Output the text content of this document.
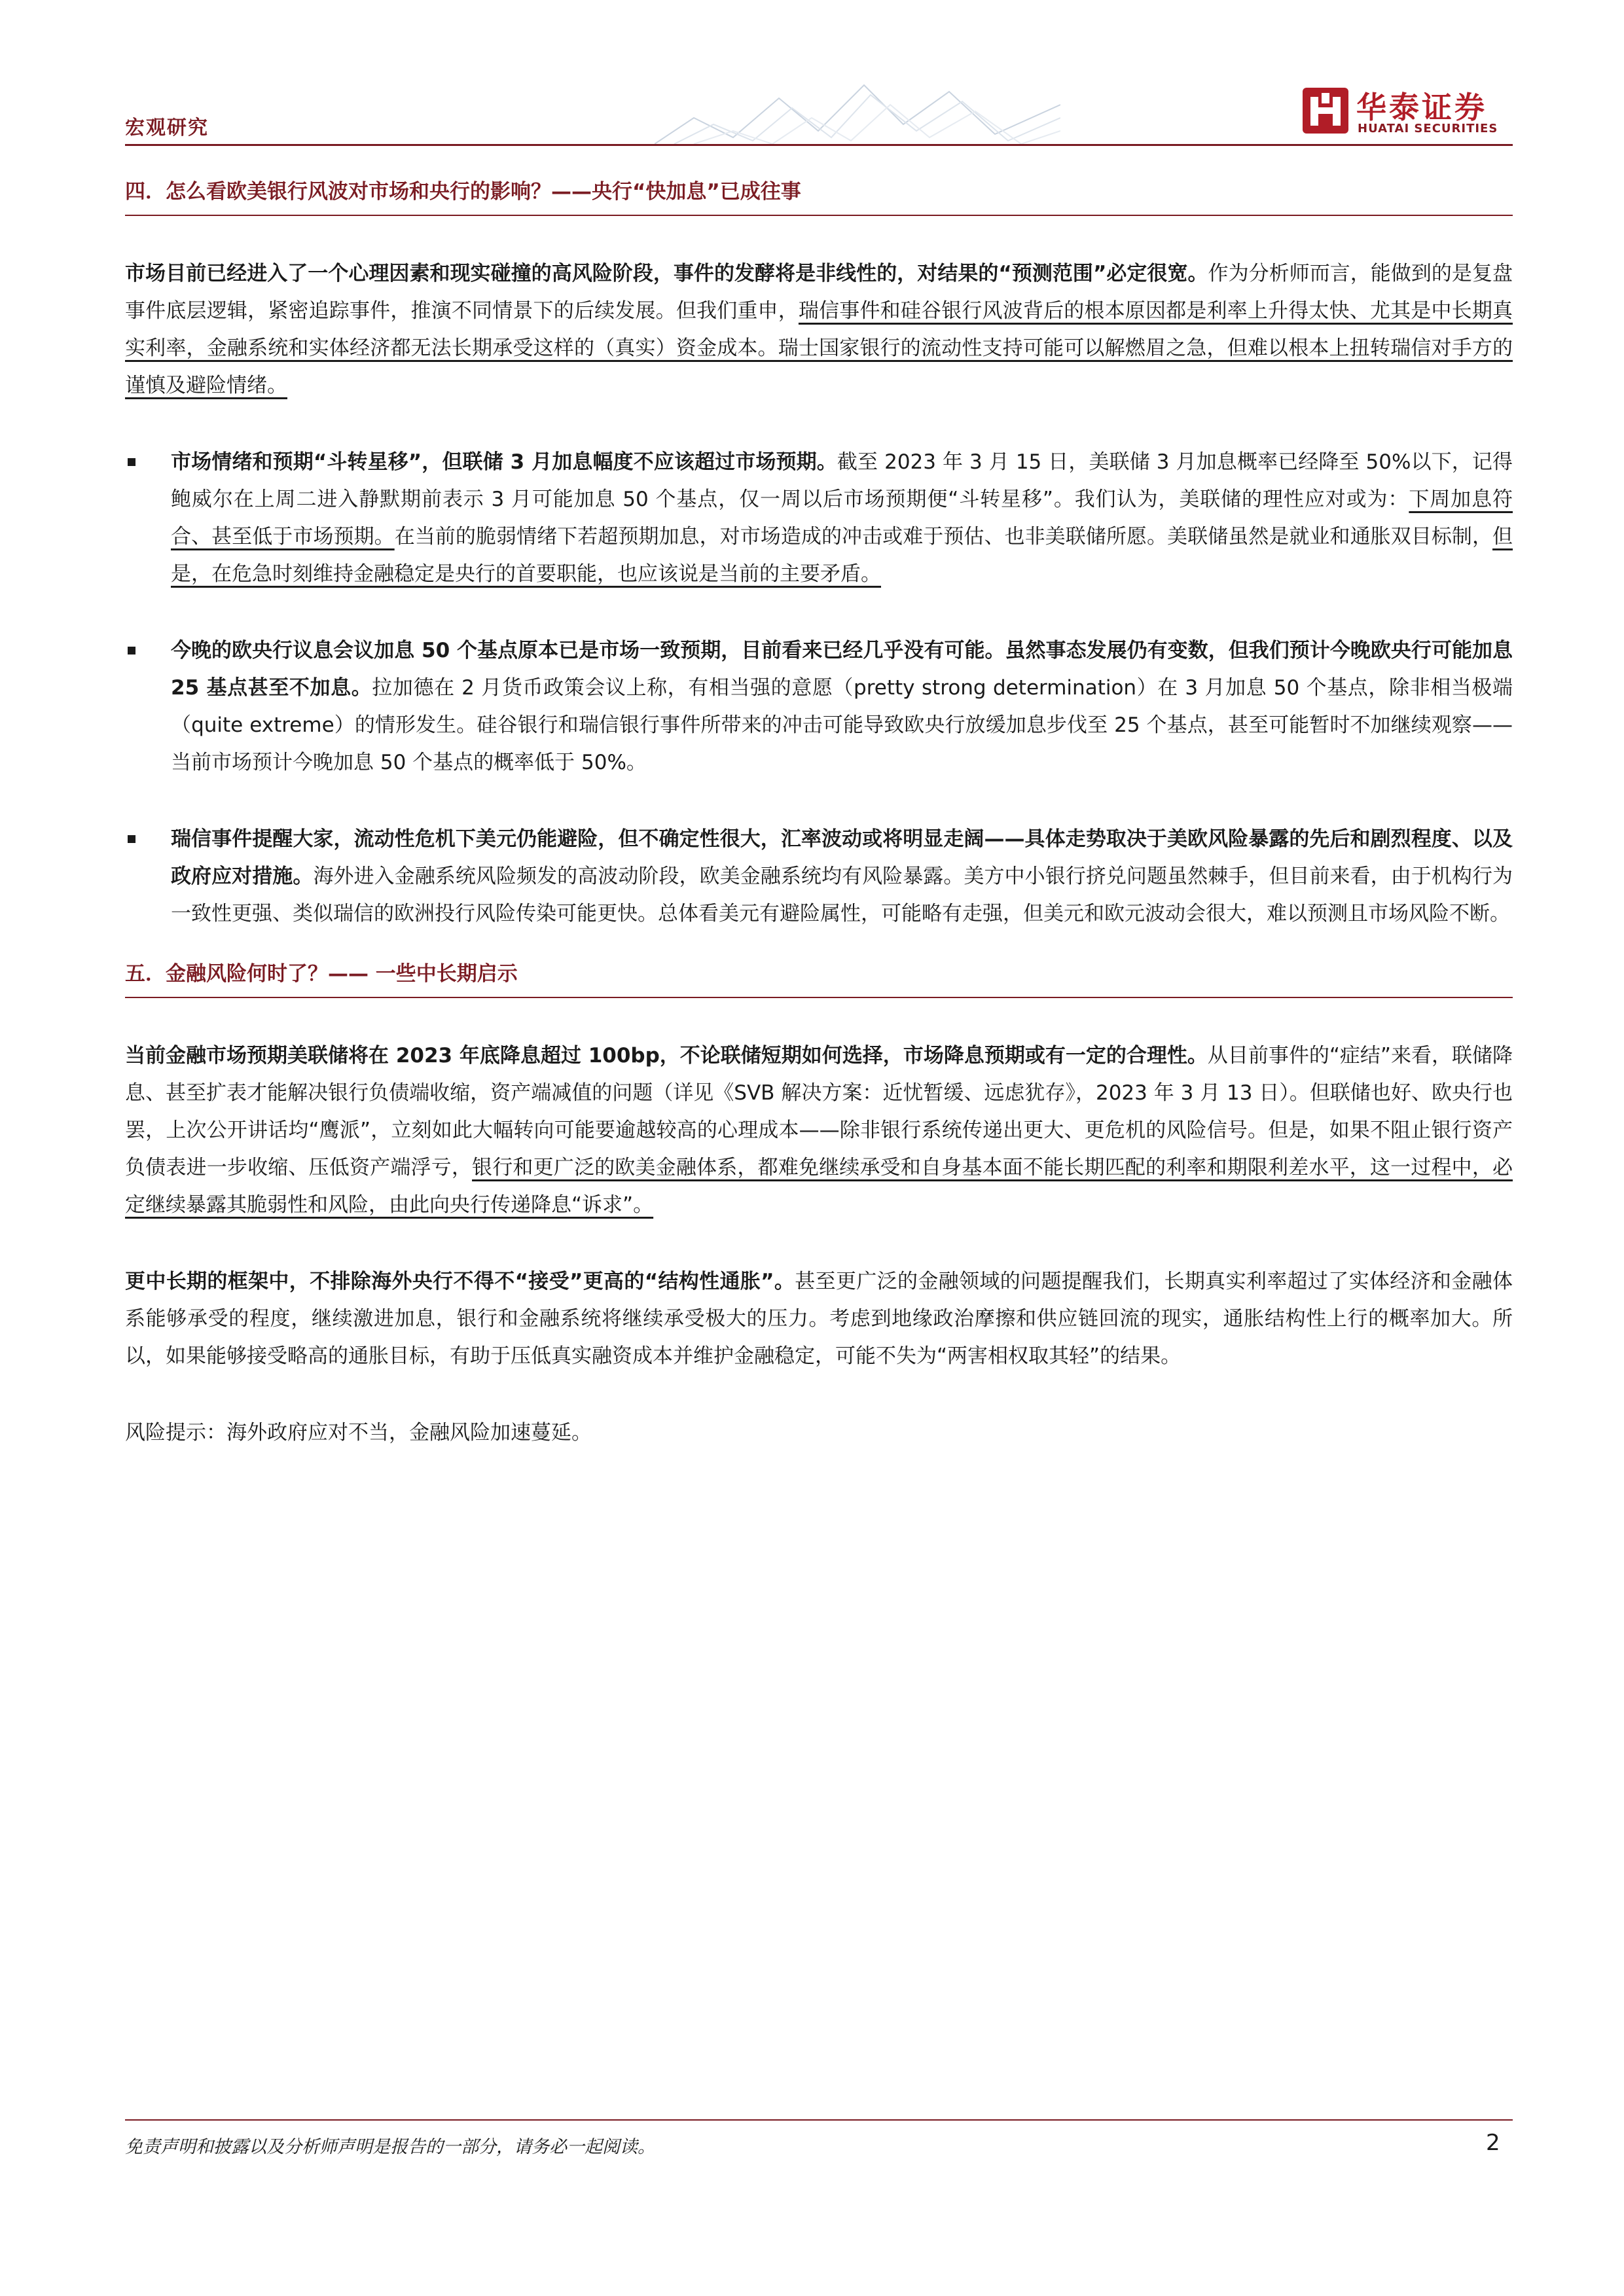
宏观研究
华泰证券
HUATAI SECURITIES
四．怎么看欧美银行风波对市场和央行的影响？——央行“快加息”已成往事

市场目前已经进入了一个心理因素和现实碰撞的高风险阶段，事件的发酵将是非线性的，对结果的“预测范围”必定很宽。作为分析师而言，能做到的是复盘事件底层逻辑，紧密追踪事件，推演不同情景下的后续发展。但我们重申，瑞信事件和硅谷银行风波背后的根本原因都是利率上升得太快、尤其是中长期真实利率，金融系统和实体经济都无法长期承受这样的（真实）资金成本。瑞士国家银行的流动性支持可能可以解燃眉之急，但难以根本上扭转瑞信对手方的谨慎及避险情绪。

市场情绪和预期“斗转星移”，但联储 3 月加息幅度不应该超过市场预期。截至 2023 年 3 月 15 日，美联储 3 月加息概率已经降至 50%以下，记得鲍威尔在上周二进入静默期前表示 3 月可能加息 50 个基点，仅一周以后市场预期便“斗转星移”。我们认为，美联储的理性应对或为：下周加息符合、甚至低于市场预期。在当前的脆弱情绪下若超预期加息，对市场造成的冲击或难于预估、也非美联储所愿。美联储虽然是就业和通胀双目标制，但是，在危急时刻维持金融稳定是央行的首要职能，也应该说是当前的主要矛盾。

今晚的欧央行议息会议加息 50 个基点原本已是市场一致预期，目前看来已经几乎没有可能。虽然事态发展仍有变数，但我们预计今晚欧央行可能加息 25 基点甚至不加息。拉加德在 2 月货币政策会议上称，有相当强的意愿（pretty strong determination）在 3 月加息 50 个基点，除非相当极端（quite extreme）的情形发生。硅谷银行和瑞信银行事件所带来的冲击可能导致欧央行放缓加息步伐至 25 个基点，甚至可能暂时不加继续观察——当前市场预计今晚加息 50 个基点的概率低于 50%。

瑞信事件提醒大家，流动性危机下美元仍能避险，但不确定性很大，汇率波动或将明显走阔——具体走势取决于美欧风险暴露的先后和剧烈程度、以及政府应对措施。海外进入金融系统风险频发的高波动阶段，欧美金融系统均有风险暴露。美方中小银行挤兑问题虽然棘手，但目前来看，由于机构行为一致性更强、类似瑞信的欧洲投行风险传染可能更快。总体看美元有避险属性，可能略有走强，但美元和欧元波动会很大，难以预测且市场风险不断。

五．金融风险何时了？—— 一些中长期启示

当前金融市场预期美联储将在 2023 年底降息超过 100bp，不论联储短期如何选择，市场降息预期或有一定的合理性。从目前事件的“症结”来看，联储降息、甚至扩表才能解决银行负债端收缩，资产端减值的问题（详见《SVB 解决方案：近忧暂缓、远虑犹存》，2023 年 3 月 13 日）。但联储也好、欧央行也罢，上次公开讲话均“鹰派”，立刻如此大幅转向可能要逾越较高的心理成本——除非银行系统传递出更大、更危机的风险信号。但是，如果不阻止银行资产负债表进一步收缩、压低资产端浮亏，银行和更广泛的欧美金融体系，都难免继续承受和自身基本面不能长期匹配的利率和期限利差水平，这一过程中，必定继续暴露其脆弱性和风险，由此向央行传递降息“诉求”。

更中长期的框架中，不排除海外央行不得不“接受”更高的“结构性通胀”。甚至更广泛的金融领域的问题提醒我们，长期真实利率超过了实体经济和金融体系能够承受的程度，继续激进加息，银行和金融系统将继续承受极大的压力。考虑到地缘政治摩擦和供应链回流的现实，通胀结构性上行的概率加大。所以，如果能够接受略高的通胀目标，有助于压低真实融资成本并维护金融稳定，可能不失为“两害相权取其轻”的结果。

风险提示：海外政府应对不当，金融风险加速蔓延。

免责声明和披露以及分析师声明是报告的一部分，请务必一起阅读。	2
